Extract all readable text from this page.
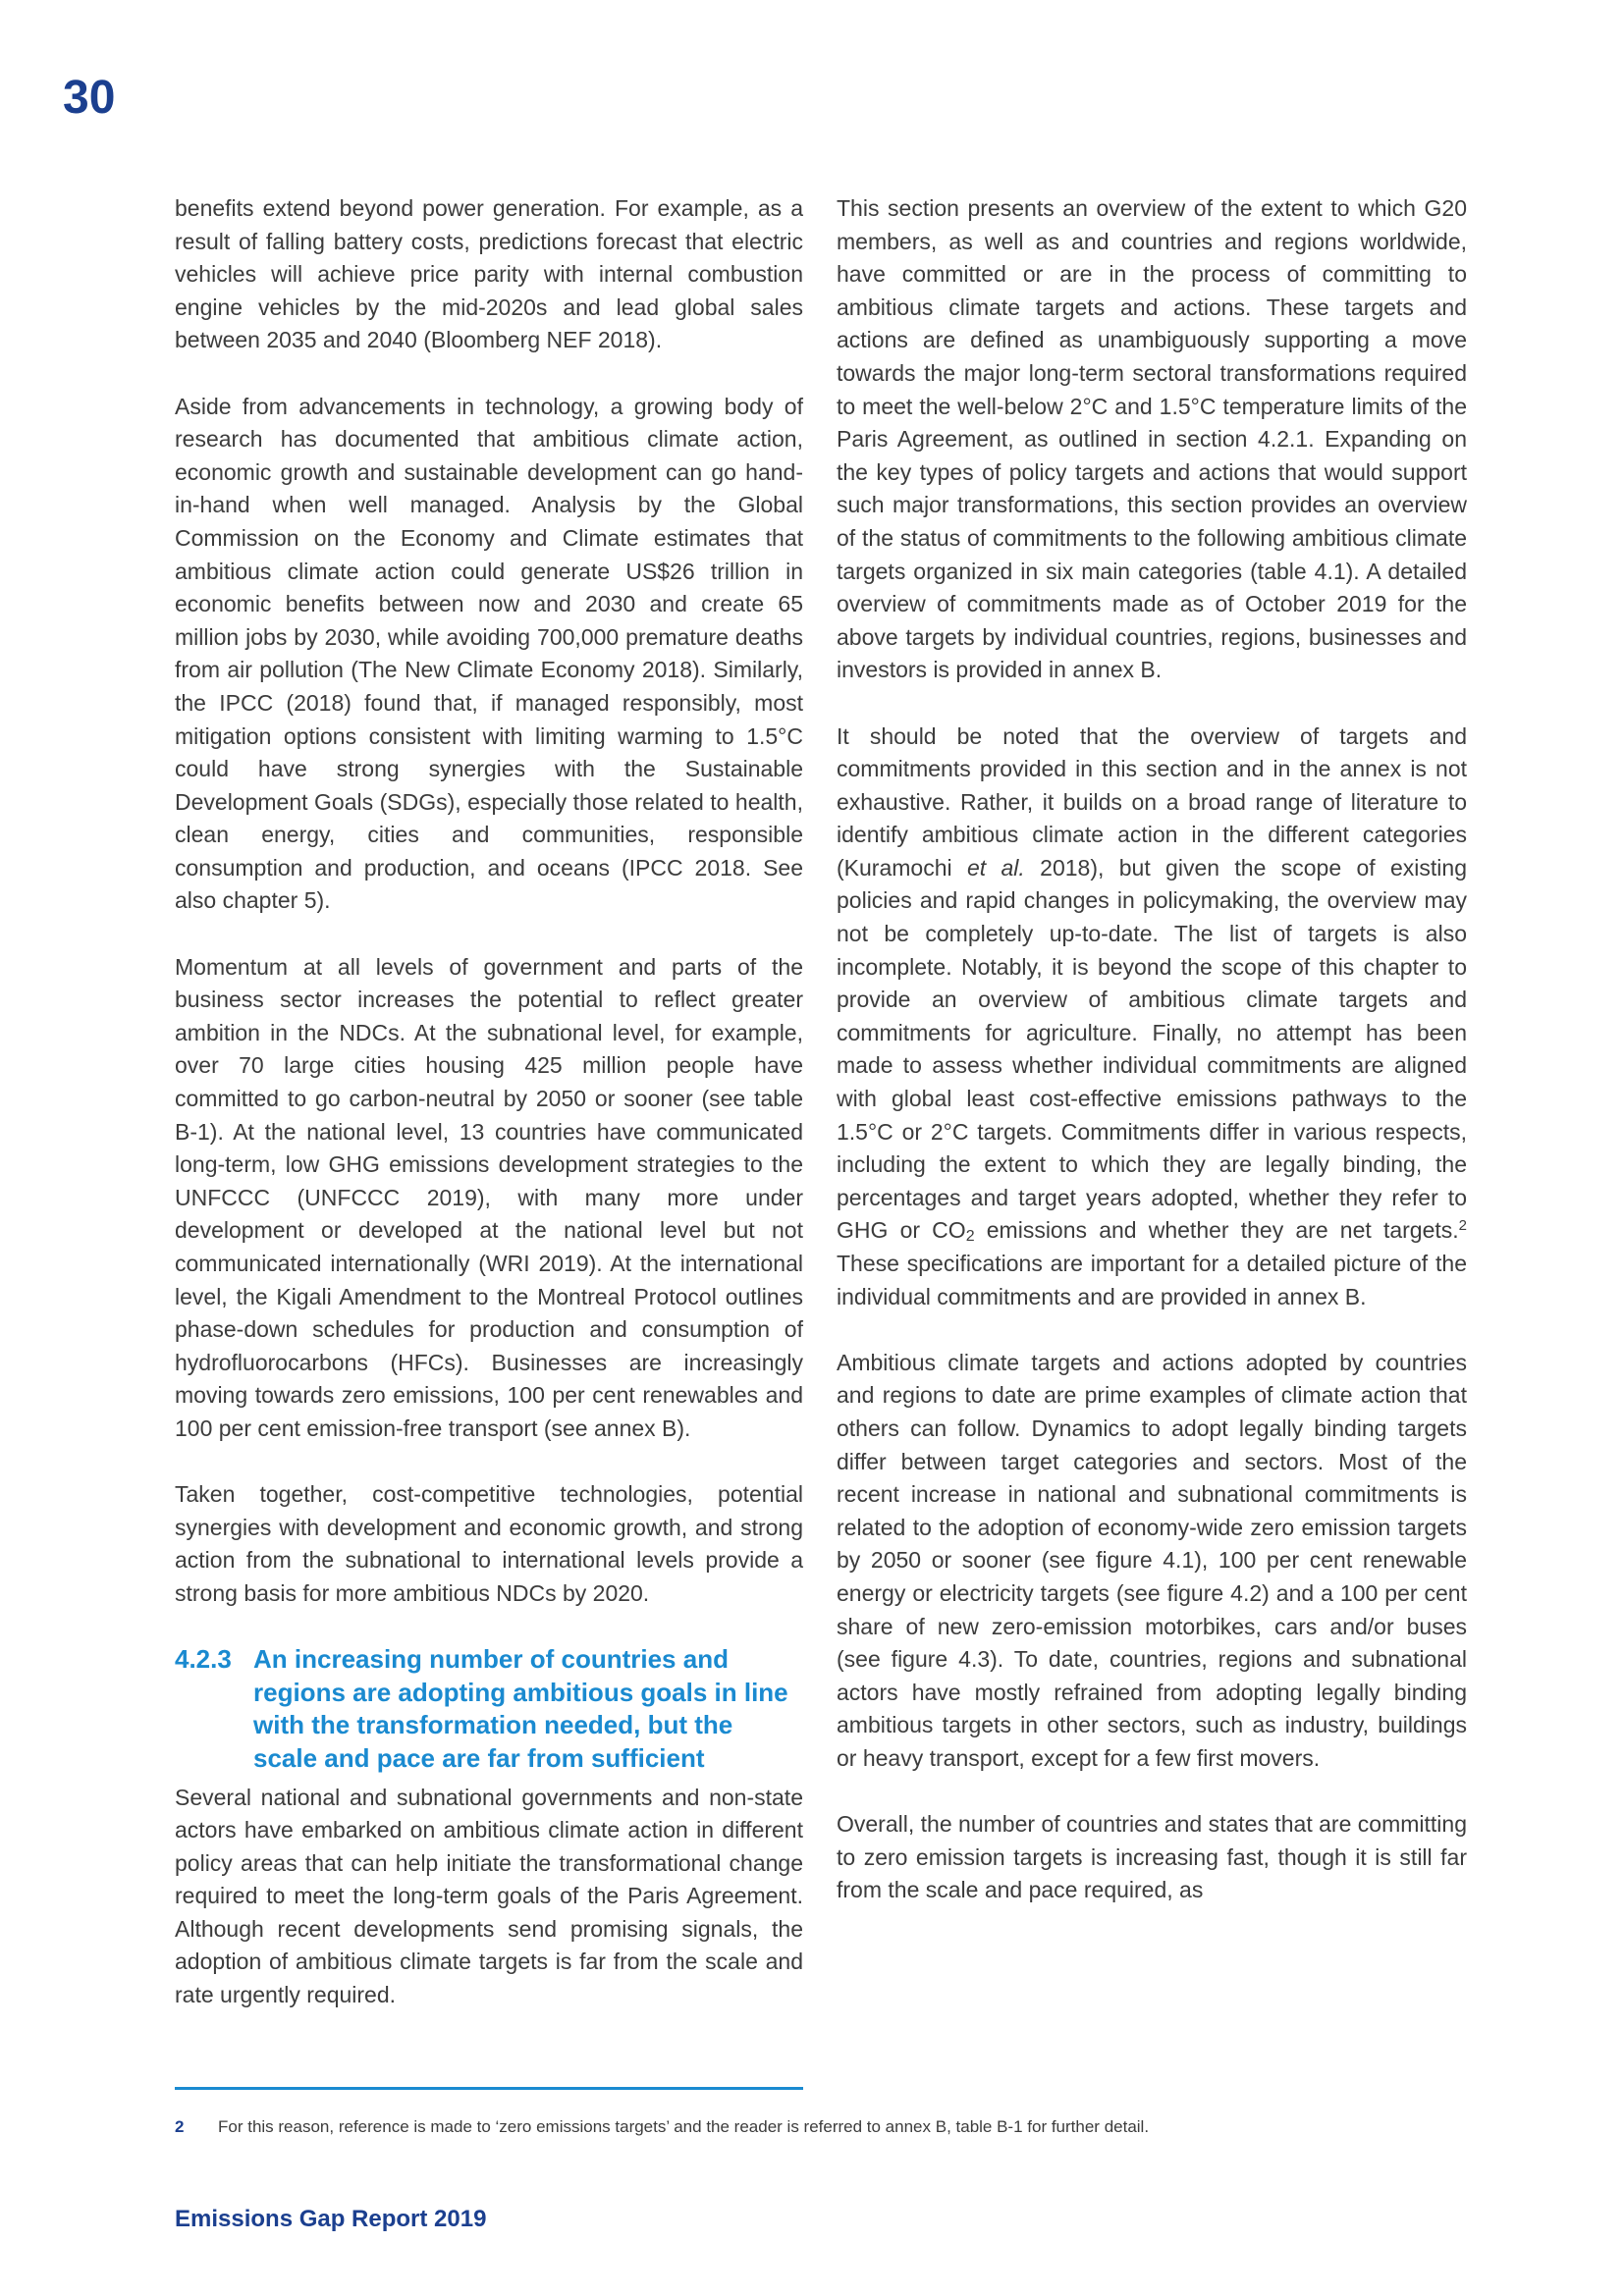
30

benefits extend beyond power generation. For example, as a result of falling battery costs, predictions forecast that electric vehicles will achieve price parity with internal combustion engine vehicles by the mid-2020s and lead global sales between 2035 and 2040 (Bloomberg NEF 2018).

Aside from advancements in technology, a growing body of research has documented that ambitious climate action, economic growth and sustainable development can go hand-in-hand when well managed. Analysis by the Global Commission on the Economy and Climate estimates that ambitious climate action could generate US$26 trillion in economic benefits between now and 2030 and create 65 million jobs by 2030, while avoiding 700,000 premature deaths from air pollution (The New Climate Economy 2018). Similarly, the IPCC (2018) found that, if managed responsibly, most mitigation options consistent with limiting warming to 1.5°C could have strong synergies with the Sustainable Development Goals (SDGs), especially those related to health, clean energy, cities and communities, responsible consumption and production, and oceans (IPCC 2018. See also chapter 5).

Momentum at all levels of government and parts of the business sector increases the potential to reflect greater ambition in the NDCs. At the subnational level, for example, over 70 large cities housing 425 million people have committed to go carbon-neutral by 2050 or sooner (see table B-1). At the national level, 13 countries have communicated long-term, low GHG emissions development strategies to the UNFCCC (UNFCCC 2019), with many more under development or developed at the national level but not communicated internationally (WRI 2019). At the international level, the Kigali Amendment to the Montreal Protocol outlines phase-down schedules for production and consumption of hydrofluorocarbons (HFCs). Businesses are increasingly moving towards zero emissions, 100 per cent renewables and 100 per cent emission-free transport (see annex B).

Taken together, cost-competitive technologies, potential synergies with development and economic growth, and strong action from the subnational to international levels provide a strong basis for more ambitious NDCs by 2020.

4.2.3 An increasing number of countries and regions are adopting ambitious goals in line with the transformation needed, but the scale and pace are far from sufficient

Several national and subnational governments and non-state actors have embarked on ambitious climate action in different policy areas that can help initiate the transformational change required to meet the long-term goals of the Paris Agreement. Although recent developments send promising signals, the adoption of ambitious climate targets is far from the scale and rate urgently required.

This section presents an overview of the extent to which G20 members, as well as and countries and regions worldwide, have committed or are in the process of committing to ambitious climate targets and actions. These targets and actions are defined as unambiguously supporting a move towards the major long-term sectoral transformations required to meet the well-below 2°C and 1.5°C temperature limits of the Paris Agreement, as outlined in section 4.2.1. Expanding on the key types of policy targets and actions that would support such major transformations, this section provides an overview of the status of commitments to the following ambitious climate targets organized in six main categories (table 4.1). A detailed overview of commitments made as of October 2019 for the above targets by individual countries, regions, businesses and investors is provided in annex B.

It should be noted that the overview of targets and commitments provided in this section and in the annex is not exhaustive. Rather, it builds on a broad range of literature to identify ambitious climate action in the different categories (Kuramochi et al. 2018), but given the scope of existing policies and rapid changes in policymaking, the overview may not be completely up-to-date. The list of targets is also incomplete. Notably, it is beyond the scope of this chapter to provide an overview of ambitious climate targets and commitments for agriculture. Finally, no attempt has been made to assess whether individual commitments are aligned with global least cost-effective emissions pathways to the 1.5°C or 2°C targets. Commitments differ in various respects, including the extent to which they are legally binding, the percentages and target years adopted, whether they refer to GHG or CO2 emissions and whether they are net targets.$^2$ These specifications are important for a detailed picture of the individual commitments and are provided in annex B.

Ambitious climate targets and actions adopted by countries and regions to date are prime examples of climate action that others can follow. Dynamics to adopt legally binding targets differ between target categories and sectors. Most of the recent increase in national and subnational commitments is related to the adoption of economy-wide zero emission targets by 2050 or sooner (see figure 4.1), 100 per cent renewable energy or electricity targets (see figure 4.2) and a 100 per cent share of new zero-emission motorbikes, cars and/or buses (see figure 4.3). To date, countries, regions and subnational actors have mostly refrained from adopting legally binding ambitious targets in other sectors, such as industry, buildings or heavy transport, except for a few first movers.

Overall, the number of countries and states that are committing to zero emission targets is increasing fast, though it is still far from the scale and pace required, as

2	For this reason, reference is made to ‘zero emissions targets’ and the reader is referred to annex B, table B-1 for further detail.
Emissions Gap Report 2019
